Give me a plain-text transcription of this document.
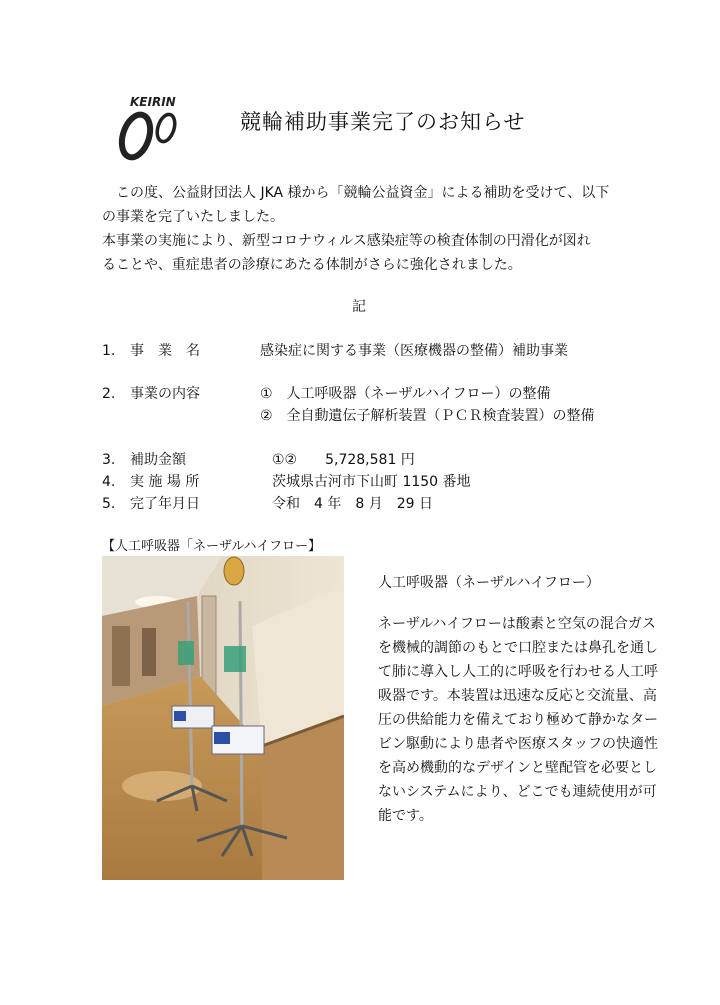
KEIRIN
競輪補助事業完了のお知らせ
　この度、公益財団法人 JKA 様から「競輪公益資金」による補助を受けて、以下
の事業を完了いたしました。
本事業の実施により、新型コロナウィルス感染症等の検査体制の円滑化が図れ
ることや、重症患者の診療にあたる体制がさらに強化されました。
記
1. 事　業　名	感染症に関する事業（医療機器の整備）補助事業
2. 事業の内容	①　人工呼吸器（ネーザルハイフロー）の整備
②　全自動遺伝子解析装置（ＰＣＲ検査装置）の整備
3. 補助金額	①②　　5,728,581 円
4. 実 施 場 所	茨城県古河市下山町 1150 番地
5. 完了年月日	令和　4 年　8 月　29 日
【人工呼吸器「ネーザルハイフロー】
人工呼吸器（ネーザルハイフロー）
ネーザルハイフローは酸素と空気の混合ガス
を機械的調節のもとで口腔または鼻孔を通し
て肺に導入し人工的に呼吸を行わせる人工呼
吸器です。本装置は迅速な反応と交流量、高
圧の供給能力を備えており極めて静かなター
ビン駆動により患者や医療スタッフの快適性
を高め機動的なデザインと壁配管を必要とし
ないシステムにより、どこでも連続使用が可
能です。
